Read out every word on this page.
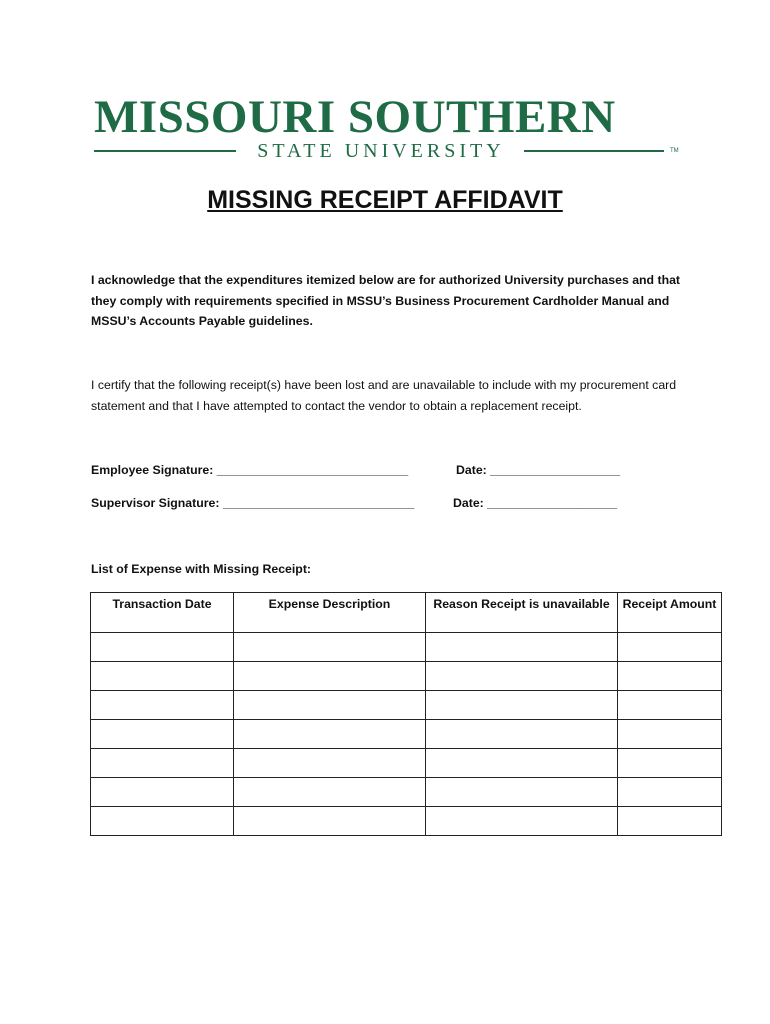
MISSOURI SOUTHERN
STATE UNIVERSITY	TM
MISSING RECEIPT AFFIDAVIT
I acknowledge that the expenditures itemized below are for authorized University purchases and that they comply with requirements specified in MSSU’s Business Procurement Cardholder Manual and MSSU’s Accounts Payable guidelines.
I certify that the following receipt(s) have been lost and are unavailable to include with my procurement card statement and that I have attempted to contact the vendor to obtain a replacement receipt.
Employee Signature: ____________________________	Date: ___________________
Supervisor Signature: ____________________________	Date: ___________________
List of Expense with Missing Receipt:
Transaction Date	Expense Description	Reason Receipt is unavailable	Receipt Amount
